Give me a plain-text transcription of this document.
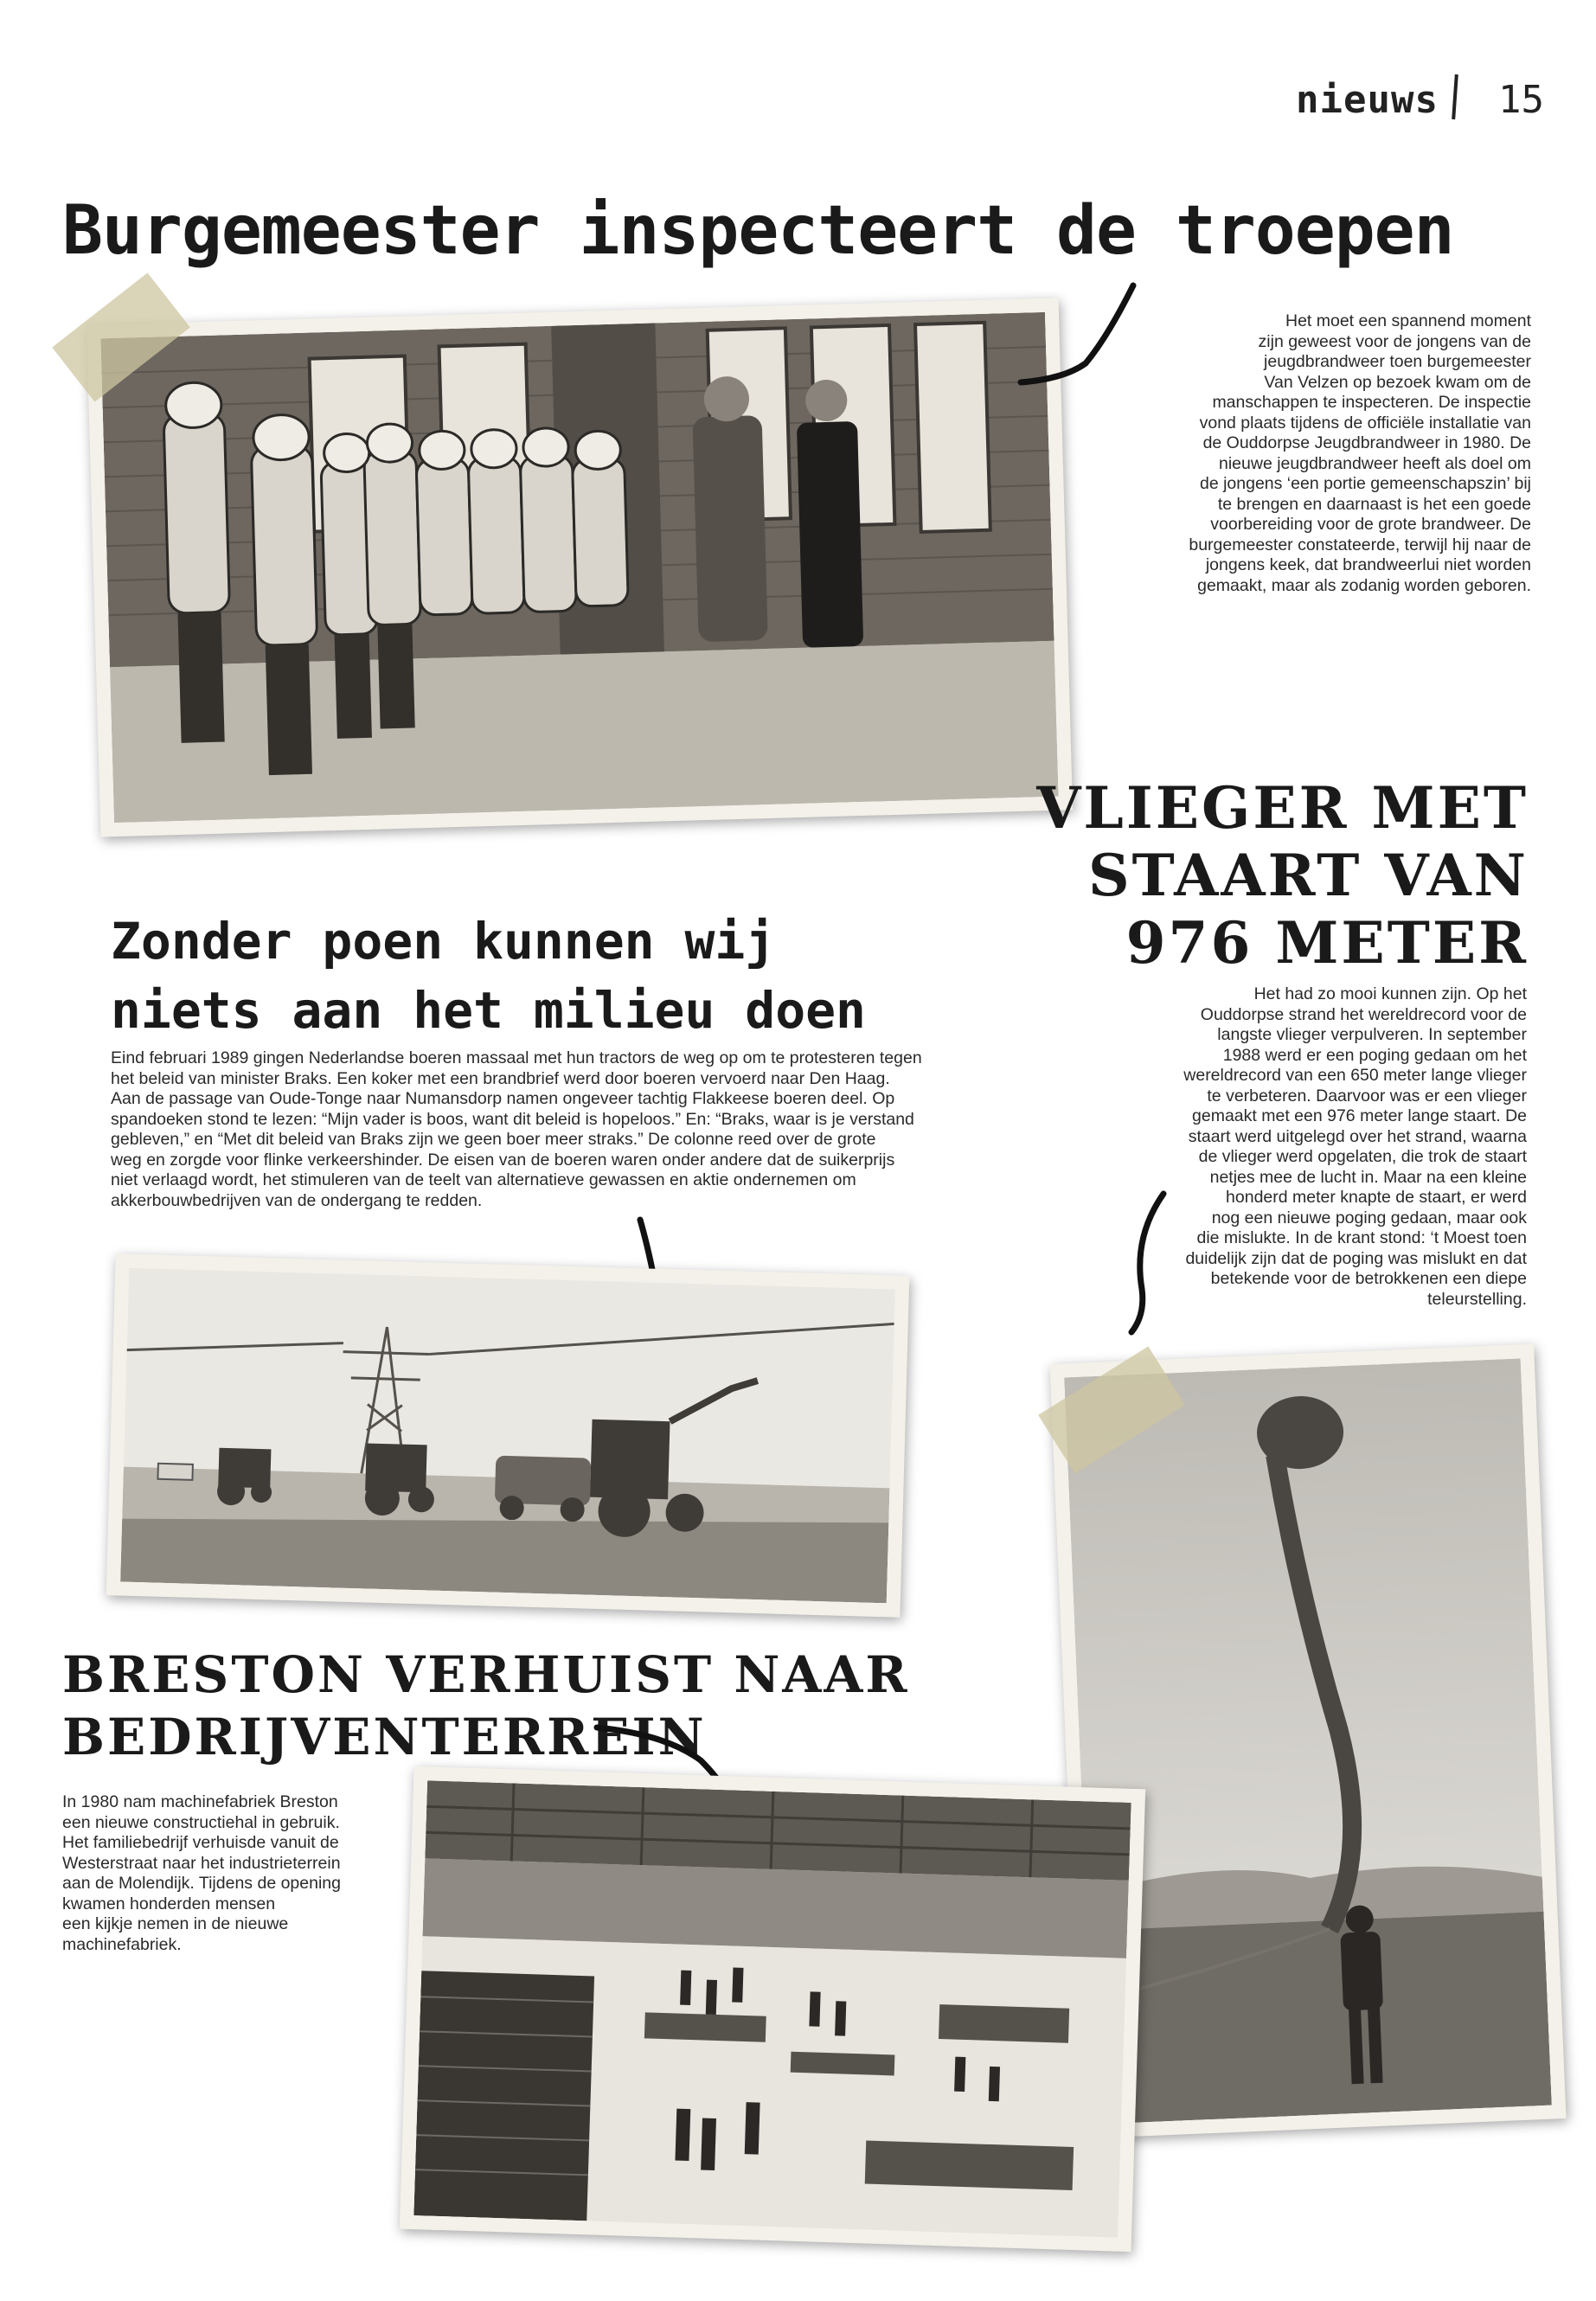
nieuws 15
Burgemeester inspecteert de troepen
Het moet een spannend moment
zijn geweest voor de jongens van de
jeugdbrandweer toen burgemeester
Van Velzen op bezoek kwam om de
manschappen te inspecteren. De inspectie
vond plaats tijdens de officiële installatie van
de Ouddorpse Jeugdbrandweer in 1980. De
nieuwe jeugdbrandweer heeft als doel om
de jongens ‘een portie gemeenschapszin’ bij
te brengen en daarnaast is het een goede
voorbereiding voor de grote brandweer. De
burgemeester constateerde, terwijl hij naar de
jongens keek, dat brandweerlui niet worden
gemaakt, maar als zodanig worden geboren.
VLIEGER MET
STAART VAN
976 METER
Het had zo mooi kunnen zijn. Op het
Ouddorpse strand het wereldrecord voor de
langste vlieger verpulveren. In september
1988 werd er een poging gedaan om het
wereldrecord van een 650 meter lange vlieger
te verbeteren. Daarvoor was er een vlieger
gemaakt met een 976 meter lange staart. De
staart werd uitgelegd over het strand, waarna
de vlieger werd opgelaten, die trok de staart
netjes mee de lucht in. Maar na een kleine
honderd meter knapte de staart, er werd
nog een nieuwe poging gedaan, maar ook
die mislukte. In de krant stond: ‘t Moest toen
duidelijk zijn dat de poging was mislukt en dat
betekende voor de betrokkenen een diepe
teleurstelling.
Zonder poen kunnen wij
niets aan het milieu doen
Eind februari 1989 gingen Nederlandse boeren massaal met hun tractors de weg op om te protesteren tegen
het beleid van minister Braks. Een koker met een brandbrief werd door boeren vervoerd naar Den Haag.
Aan de passage van Oude-Tonge naar Numansdorp namen ongeveer tachtig Flakkeese boeren deel. Op
spandoeken stond te lezen: “Mijn vader is boos, want dit beleid is hopeloos.” En: “Braks, waar is je verstand
gebleven,” en “Met dit beleid van Braks zijn we geen boer meer straks.” De colonne reed over de grote
weg en zorgde voor flinke verkeershinder. De eisen van de boeren waren onder andere dat de suikerprijs
niet verlaagd wordt, het stimuleren van de teelt van alternatieve gewassen en aktie ondernemen om
akkerbouwbedrijven van de ondergang te redden.
BRESTON VERHUIST NAAR
BEDRIJVENTERREIN
In 1980 nam machinefabriek Breston
een nieuwe constructiehal in gebruik.
Het familiebedrijf verhuisde vanuit de
Westerstraat naar het industrieterrein
aan de Molendijk. Tijdens de opening
kwamen honderden mensen
een kijkje nemen in de nieuwe
machinefabriek.
